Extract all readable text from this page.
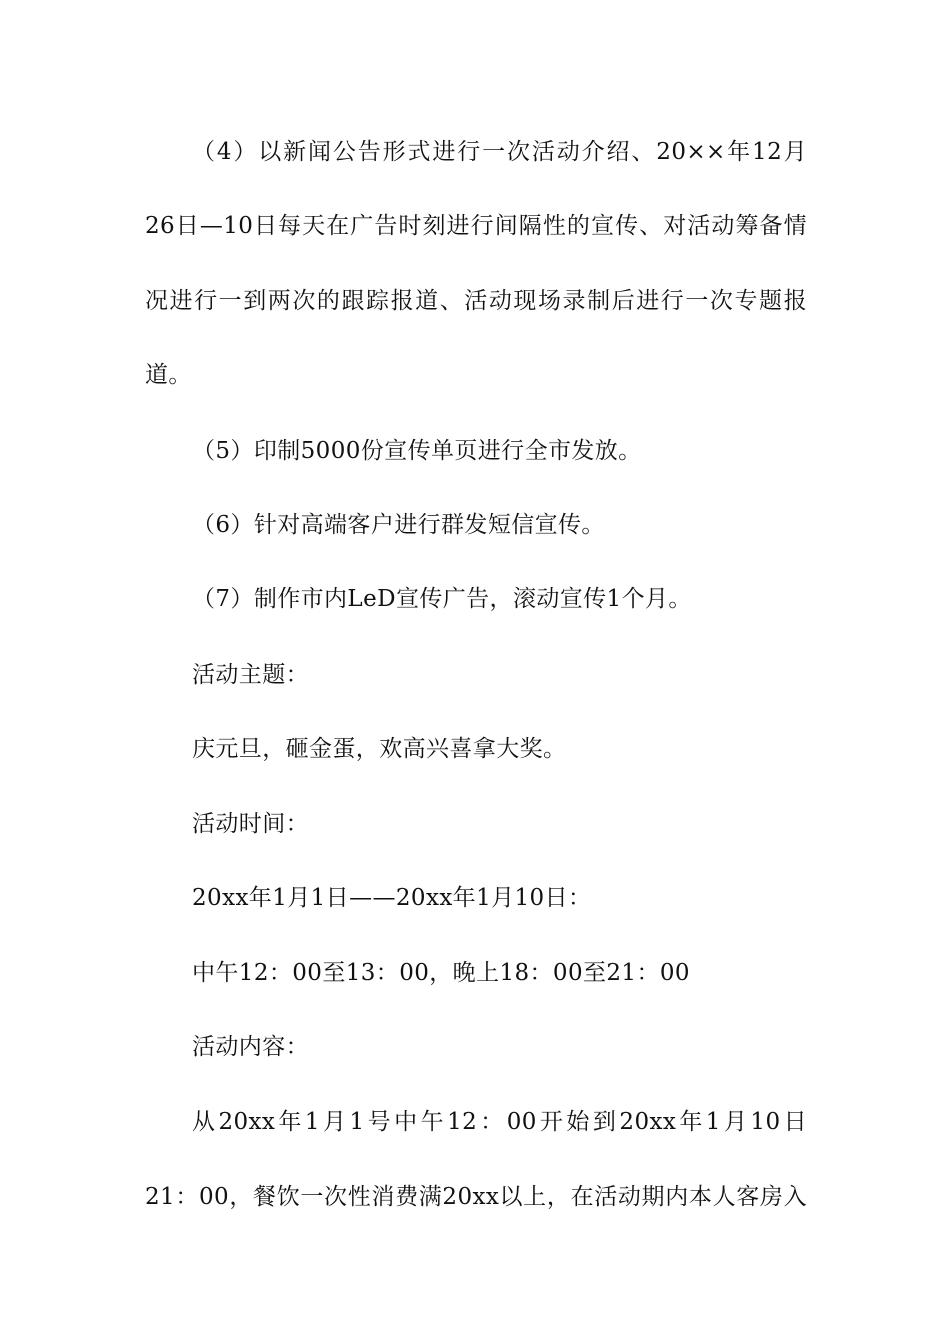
（4）以新闻公告形式进行一次活动介绍、20××年12月
26日—10日每天在广告时刻进行间隔性的宣传、对活动筹备情
况进行一到两次的跟踪报道、活动现场录制后进行一次专题报
道。
（5）印制5000份宣传单页进行全市发放。
（6）针对高端客户进行群发短信宣传。
（7）制作市内LeD宣传广告，滚动宣传1个月。
活动主题：
庆元旦，砸金蛋，欢高兴喜拿大奖。
活动时间：
20xx年1月1日——20xx年1月10日：
中午12：00至13：00，晚上18：00至21：00
活动内容：
从20xx年1月1号中午12：00开始到20xx年1月10日
21：00，餐饮一次性消费满20xx以上，在活动期内本人客房入
